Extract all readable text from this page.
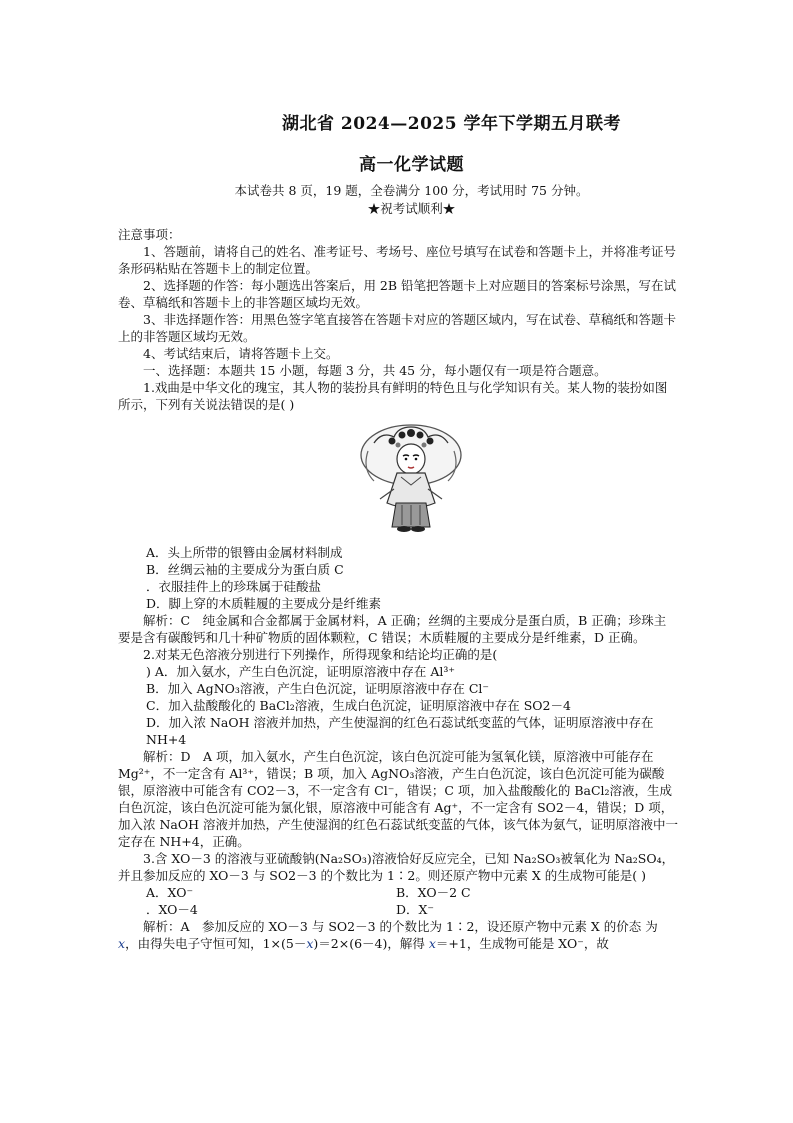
湖北省 2024—2025 学年下学期五月联考
高一化学试题
本试卷共 8 页，19 题，全卷满分 100 分，考试用时 75 分钟。
★祝考试顺利★

注意事项：

1、答题前，请将自己的姓名、准考证号、考场号、座位号填写在试卷和答题卡上，并将准考证号条形码粘贴在答题卡上的制定位置。

2、选择题的作答：每小题选出答案后，用 2B 铅笔把答题卡上对应题目的答案标号涂黑，写在试卷、草稿纸和答题卡上的非答题区域均无效。

3、非选择题作答：用黑色签字笔直接答在答题卡对应的答题区域内，写在试卷、草稿纸和答题卡上的非答题区域均无效。

4、考试结束后，请将答题卡上交。

一、选择题：本题共 15 小题，每题 3 分，共 45 分，每小题仅有一项是符合题意。

1.戏曲是中华文化的瑰宝，其人物的装扮具有鲜明的特色且与化学知识有关。某人物的装扮如图所示，下列有关说法错误的是( )

A．头上所带的银簪由金属材料制成

B．丝绸云袖的主要成分为蛋白质 C

．衣服挂件上的珍珠属于硅酸盐

D．脚上穿的木质鞋履的主要成分是纤维素

解析：C　纯金属和合金都属于金属材料，A 正确；丝绸的主要成分是蛋白质，B 正确；珍珠主要是含有碳酸钙和几十种矿物质的固体颗粒，C 错误；木质鞋履的主要成分是纤维素，D 正确。

2.对某无色溶液分别进行下列操作，所得现象和结论均正确的是(

) A．加入氨水，产生白色沉淀，证明原溶液中存在 Al³⁺

B．加入 AgNO₃溶液，产生白色沉淀，证明原溶液中存在 Cl⁻

C．加入盐酸酸化的 BaCl₂溶液，生成白色沉淀，证明原溶液中存在 SO2－4

D．加入浓 NaOH 溶液并加热，产生使湿润的红色石蕊试纸变蓝的气体，证明原溶液中存在 NH+4

解析：D　A 项，加入氨水，产生白色沉淀，该白色沉淀可能为氢氧化镁，原溶液中可能存在 Mg²⁺，不一定含有 Al³⁺，错误；B 项，加入 AgNO₃溶液，产生白色沉淀，该白色沉淀可能为碳酸银，原溶液中可能含有 CO2－3，不一定含有 Cl⁻，错误；C 项，加入盐酸酸化的 BaCl₂溶液，生成白色沉淀，该白色沉淀可能为氯化银，原溶液中可能含有 Ag⁺，不一定含有 SO2－4，错误；D 项，加入浓 NaOH 溶液并加热，产生使湿润的红色石蕊试纸变蓝的气体，该气体为氨气，证明原溶液中一定存在 NH+4，正确。

3.含 XO－3 的溶液与亚硫酸钠(Na₂SO₃)溶液恰好反应完全，已知 Na₂SO₃被氧化为 Na₂SO₄，并且参加反应的 XO－3 与 SO2－3 的个数比为 1∶2。则还原产物中元素 X 的生成物可能是( )

A．XO⁻	B．XO－2 C
．XO－4	D．X⁻

解析：A　参加反应的 XO－3 与 SO2－3 的个数比为 1∶2，设还原产物中元素 X 的价态 为 x，由得失电子守恒可知，1×(5－x)＝2×(6－4)，解得 x＝+1，生成物可能是 XO⁻，故
